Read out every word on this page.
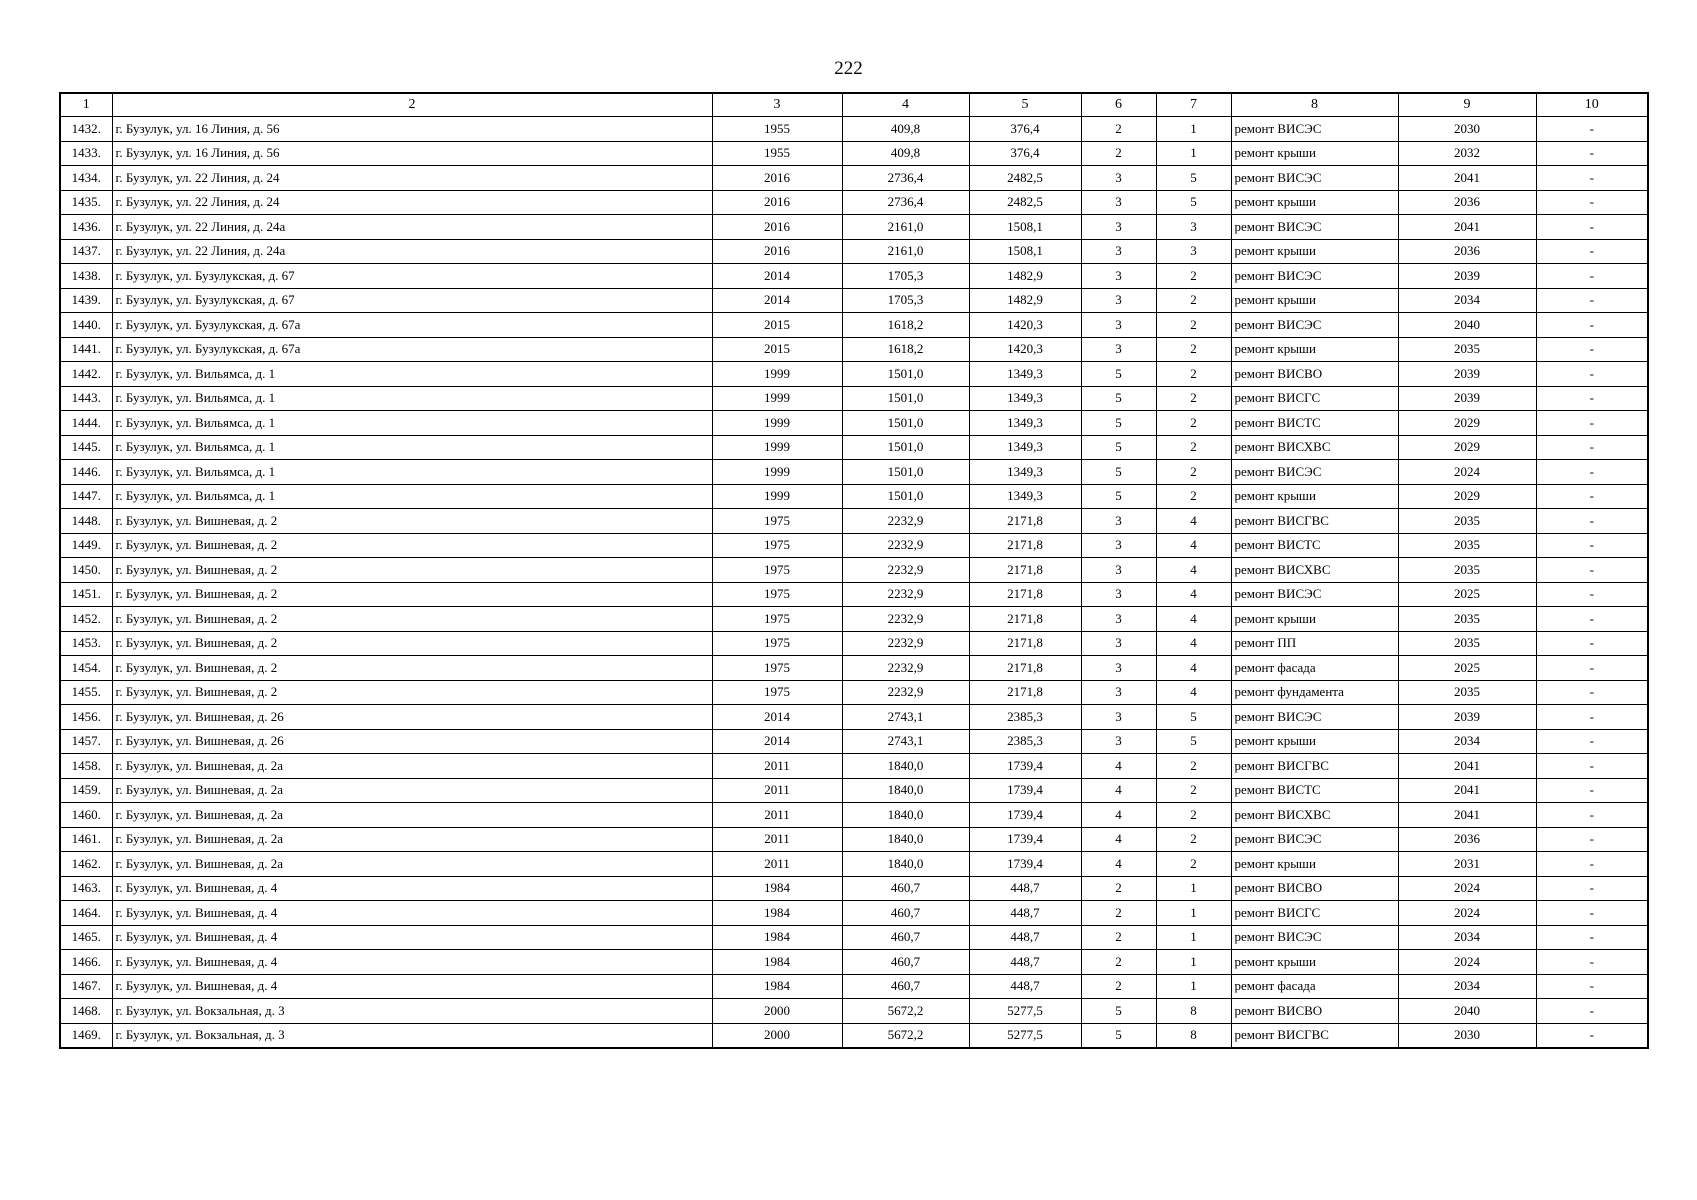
222
1	2	3	4	5	6	7	8	9	10
1432.	г. Бузулук, ул. 16 Линия, д. 56	1955	409,8	376,4	2	1	ремонт ВИСЭС	2030	-
1433.	г. Бузулук, ул. 16 Линия, д. 56	1955	409,8	376,4	2	1	ремонт крыши	2032	-
1434.	г. Бузулук, ул. 22 Линия, д. 24	2016	2736,4	2482,5	3	5	ремонт ВИСЭС	2041	-
1435.	г. Бузулук, ул. 22 Линия, д. 24	2016	2736,4	2482,5	3	5	ремонт крыши	2036	-
1436.	г. Бузулук, ул. 22 Линия, д. 24а	2016	2161,0	1508,1	3	3	ремонт ВИСЭС	2041	-
1437.	г. Бузулук, ул. 22 Линия, д. 24а	2016	2161,0	1508,1	3	3	ремонт крыши	2036	-
1438.	г. Бузулук, ул. Бузулукская, д. 67	2014	1705,3	1482,9	3	2	ремонт ВИСЭС	2039	-
1439.	г. Бузулук, ул. Бузулукская, д. 67	2014	1705,3	1482,9	3	2	ремонт крыши	2034	-
1440.	г. Бузулук, ул. Бузулукская, д. 67а	2015	1618,2	1420,3	3	2	ремонт ВИСЭС	2040	-
1441.	г. Бузулук, ул. Бузулукская, д. 67а	2015	1618,2	1420,3	3	2	ремонт крыши	2035	-
1442.	г. Бузулук, ул. Вильямса, д. 1	1999	1501,0	1349,3	5	2	ремонт ВИСВО	2039	-
1443.	г. Бузулук, ул. Вильямса, д. 1	1999	1501,0	1349,3	5	2	ремонт ВИСГС	2039	-
1444.	г. Бузулук, ул. Вильямса, д. 1	1999	1501,0	1349,3	5	2	ремонт ВИСТС	2029	-
1445.	г. Бузулук, ул. Вильямса, д. 1	1999	1501,0	1349,3	5	2	ремонт ВИСХВС	2029	-
1446.	г. Бузулук, ул. Вильямса, д. 1	1999	1501,0	1349,3	5	2	ремонт ВИСЭС	2024	-
1447.	г. Бузулук, ул. Вильямса, д. 1	1999	1501,0	1349,3	5	2	ремонт крыши	2029	-
1448.	г. Бузулук, ул. Вишневая, д. 2	1975	2232,9	2171,8	3	4	ремонт ВИСГВС	2035	-
1449.	г. Бузулук, ул. Вишневая, д. 2	1975	2232,9	2171,8	3	4	ремонт ВИСТС	2035	-
1450.	г. Бузулук, ул. Вишневая, д. 2	1975	2232,9	2171,8	3	4	ремонт ВИСХВС	2035	-
1451.	г. Бузулук, ул. Вишневая, д. 2	1975	2232,9	2171,8	3	4	ремонт ВИСЭС	2025	-
1452.	г. Бузулук, ул. Вишневая, д. 2	1975	2232,9	2171,8	3	4	ремонт крыши	2035	-
1453.	г. Бузулук, ул. Вишневая, д. 2	1975	2232,9	2171,8	3	4	ремонт ПП	2035	-
1454.	г. Бузулук, ул. Вишневая, д. 2	1975	2232,9	2171,8	3	4	ремонт фасада	2025	-
1455.	г. Бузулук, ул. Вишневая, д. 2	1975	2232,9	2171,8	3	4	ремонт фундамента	2035	-
1456.	г. Бузулук, ул. Вишневая, д. 26	2014	2743,1	2385,3	3	5	ремонт ВИСЭС	2039	-
1457.	г. Бузулук, ул. Вишневая, д. 26	2014	2743,1	2385,3	3	5	ремонт крыши	2034	-
1458.	г. Бузулук, ул. Вишневая, д. 2а	2011	1840,0	1739,4	4	2	ремонт ВИСГВС	2041	-
1459.	г. Бузулук, ул. Вишневая, д. 2а	2011	1840,0	1739,4	4	2	ремонт ВИСТС	2041	-
1460.	г. Бузулук, ул. Вишневая, д. 2а	2011	1840,0	1739,4	4	2	ремонт ВИСХВС	2041	-
1461.	г. Бузулук, ул. Вишневая, д. 2а	2011	1840,0	1739,4	4	2	ремонт ВИСЭС	2036	-
1462.	г. Бузулук, ул. Вишневая, д. 2а	2011	1840,0	1739,4	4	2	ремонт крыши	2031	-
1463.	г. Бузулук, ул. Вишневая, д. 4	1984	460,7	448,7	2	1	ремонт ВИСВО	2024	-
1464.	г. Бузулук, ул. Вишневая, д. 4	1984	460,7	448,7	2	1	ремонт ВИСГС	2024	-
1465.	г. Бузулук, ул. Вишневая, д. 4	1984	460,7	448,7	2	1	ремонт ВИСЭС	2034	-
1466.	г. Бузулук, ул. Вишневая, д. 4	1984	460,7	448,7	2	1	ремонт крыши	2024	-
1467.	г. Бузулук, ул. Вишневая, д. 4	1984	460,7	448,7	2	1	ремонт фасада	2034	-
1468.	г. Бузулук, ул. Вокзальная, д. 3	2000	5672,2	5277,5	5	8	ремонт ВИСВО	2040	-
1469.	г. Бузулук, ул. Вокзальная, д. 3	2000	5672,2	5277,5	5	8	ремонт ВИСГВС	2030	-
